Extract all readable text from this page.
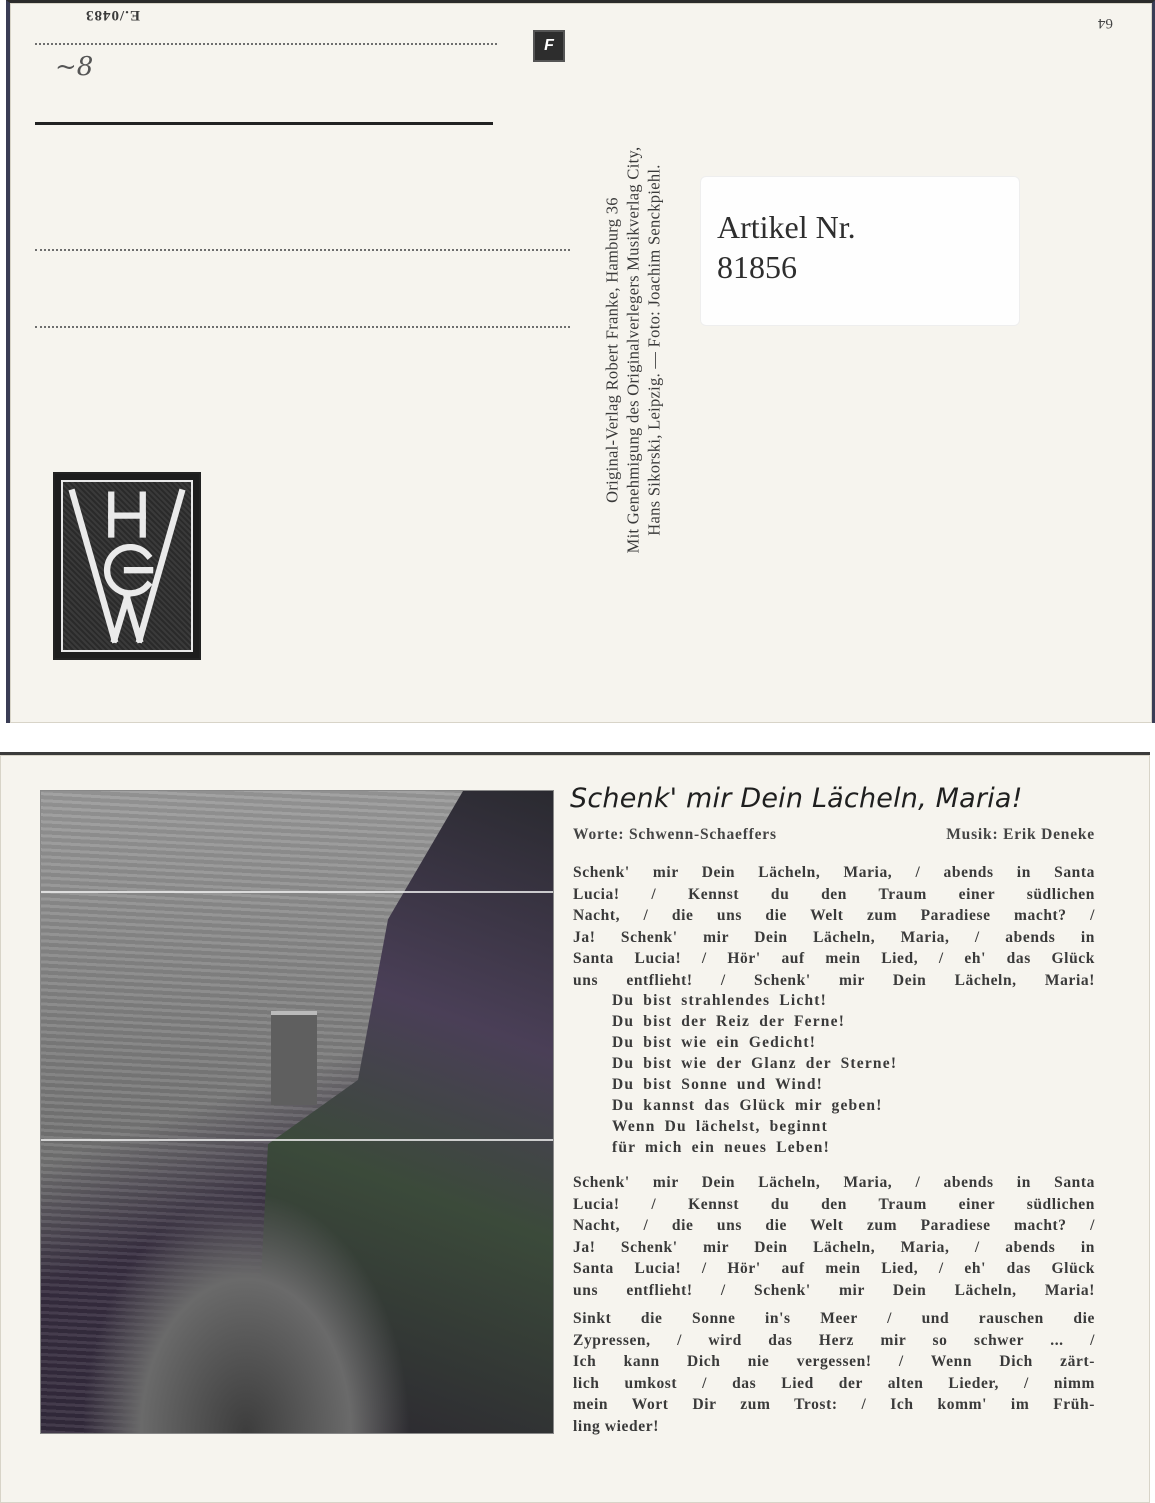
E./0483	64
~8
F
Original-Verlag Robert Franke, Hamburg 36 Mit Genehmigung des Originalverlegers Musikverlag City, Hans Sikorski, Leipzig. — Foto: Joachim Senckpiehl. Artikel Nr.
81856
Schenk' mir Dein Lächeln, Maria!
Worte: Schwenn-Schaeffers	Musik: Erik Deneke
Schenk' mir Dein Lächeln, Maria, / abends in Santa
Lucia! / Kennst du den Traum einer südlichen
Nacht, / die uns die Welt zum Paradiese macht? /
Ja! Schenk' mir Dein Lächeln, Maria, / abends in
Santa Lucia! / Hör' auf mein Lied, / eh' das Glück
uns entflieht! / Schenk' mir Dein Lächeln, Maria!
Du bist strahlendes Licht!
Du bist der Reiz der Ferne!
Du bist wie ein Gedicht!
Du bist wie der Glanz der Sterne!
Du bist Sonne und Wind!
Du kannst das Glück mir geben!
Wenn Du lächelst, beginnt
für mich ein neues Leben!
Schenk' mir Dein Lächeln, Maria, / abends in Santa
Lucia! / Kennst du den Traum einer südlichen
Nacht, / die uns die Welt zum Paradiese macht? /
Ja! Schenk' mir Dein Lächeln, Maria, / abends in
Santa Lucia! / Hör' auf mein Lied, / eh' das Glück
uns entflieht! / Schenk' mir Dein Lächeln, Maria!
Sinkt die Sonne in's Meer / und rauschen die
Zypressen, / wird das Herz mir so schwer ... /
Ich kann Dich nie vergessen! / Wenn Dich zärt-
lich umkost / das Lied der alten Lieder, / nimm
mein Wort Dir zum Trost: / Ich komm' im Früh-
ling wieder!
